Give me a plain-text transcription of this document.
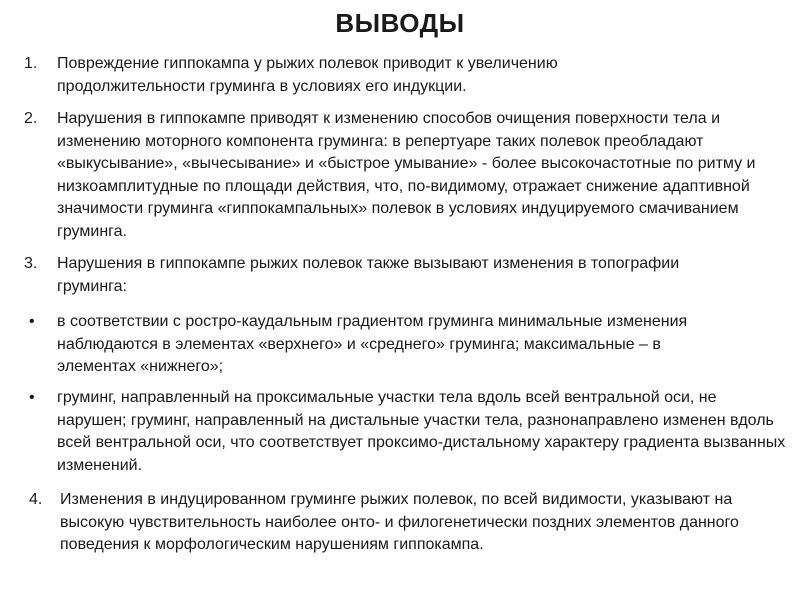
ВЫВОДЫ
1. Повреждение гиппокампа у рыжих полевок приводит к увеличению продолжительности груминга в условиях его индукции.
2. Нарушения в гиппокампе приводят к изменению способов очищения поверхности тела и изменению моторного компонента груминга: в репертуаре таких полевок преобладают «выкусывание», «вычесывание» и «быстрое умывание» - более высокочастотные по ритму и низкоамплитудные по площади действия, что, по-видимому, отражает снижение адаптивной значимости груминга «гиппокампальных» полевок в условиях индуцируемого смачиванием груминга.
3. Нарушения в гиппокампе рыжих полевок также вызывают изменения в топографии груминга:
• в соответствии с ростро-каудальным градиентом груминга минимальные изменения наблюдаются в элементах «верхнего» и «среднего» груминга; максимальные – в элементах «нижнего»;
• груминг, направленный на проксимальные участки тела вдоль всей вентральной оси, не нарушен; груминг, направленный на дистальные участки тела, разнонаправлено изменен вдоль всей вентральной оси, что соответствует проксимо-дистальному характеру градиента вызванных изменений.
4. Изменения в индуцированном груминге рыжих полевок, по всей видимости, указывают на высокую чувствительность наиболее онто- и филогенетически поздних элементов данного поведения к морфологическим нарушениям гиппокампа.
